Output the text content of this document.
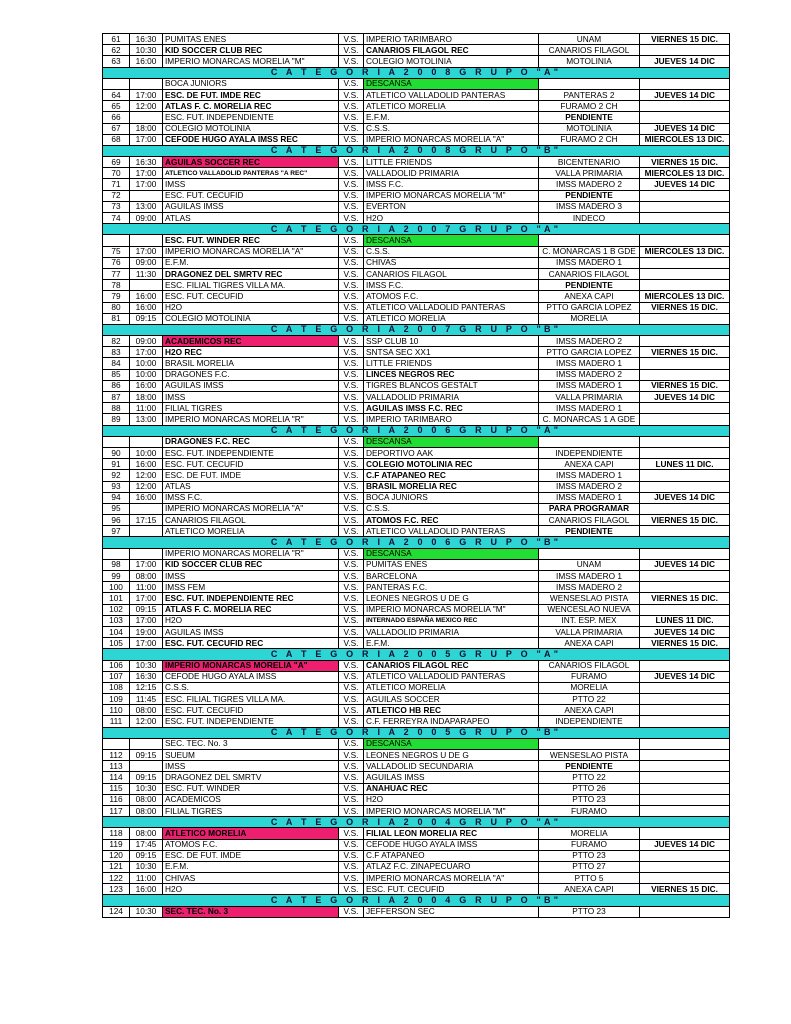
61	16:30	PUMITAS ENES	V.S.	IMPERIO TARIMBARO	UNAM	VIERNES 15 DIC.
62	10:30	KID SOCCER CLUB REC	V.S.	CANARIOS FILAGOL REC	CANARIOS FILAGOL	
63	16:00	IMPERIO MONARCAS MORELIA "M"	V.S.	COLEGIO MOTOLINIA	MOTOLINIA	JUEVES 14 DIC
C A T E G O R I A 2 0 0 8 G R U P O "A"						
		BOCA JUNIORS	V.S.	DESCANSA		
64	17:00	ESC. DE FUT. IMDE REC	V.S.	ATLETICO VALLADOLID PANTERAS	PANTERAS 2	JUEVES 14 DIC
65	12:00	ATLAS F. C. MORELIA REC	V.S.	ATLETICO MORELIA	FURAMO 2 CH	
66		ESC. FUT. INDEPENDIENTE	V.S.	E.F.M.	PENDIENTE	
67	18:00	COLEGIO MOTOLINIA	V.S.	C.S.S.	MOTOLINIA	JUEVES 14 DIC
68	17:00	CEFODE HUGO AYALA IMSS REC	V.S.	IMPERIO MONARCAS MORELIA "A"	FURAMO 2 CH	MIERCOLES 13 DIC.
C A T E G O R I A 2 0 0 8 G R U P O "B"						
69	16:30	AGUILAS SOCCER REC	V.S.	LITTLE FRIENDS	BICENTENARIO	VIERNES 15 DIC.
70	17:00	ATLETICO VALLADOLID PANTERAS "A REC"	V.S.	VALLADOLID PRIMARIA	VALLA PRIMARIA	MIERCOLES 13 DIC.
71	17:00	IMSS	V.S.	IMSS F.C.	IMSS MADERO 2	JUEVES 14 DIC
72		ESC. FUT. CECUFID	V.S.	IMPERIO MONARCAS MORELIA "M"	PENDIENTE	
73	13:00	AGUILAS IMSS	V.S.	EVERTON	IMSS MADERO 3	
74	09:00	ATLAS	V.S.	H2O	INDECO	
C A T E G O R I A 2 0 0 7 G R U P O "A"						
		ESC. FUT. WINDER REC	V.S.	DESCANSA		
75	17:00	IMPERIO MONARCAS MORELIA "A"	V.S.	C.S.S.	C. MONARCAS 1 B GDE	MIERCOLES 13 DIC.
76	09:00	E.F.M.	V.S.	CHIVAS	IMSS MADERO 1	
77	11:30	DRAGONEZ DEL SMRTV REC	V.S.	CANARIOS FILAGOL	CANARIOS FILAGOL	
78		ESC. FILIAL TIGRES VILLA MA.	V.S.	IMSS F.C.	PENDIENTE	
79	16:00	ESC. FUT. CECUFID	V.S.	ATOMOS F.C.	ANEXA CAPI	MIERCOLES 13 DIC.
80	16:00	H2O	V.S.	ATLETICO VALLADOLID PANTERAS	PTTO GARCIA LOPEZ	VIERNES 15 DIC.
81	09:15	COLEGIO MOTOLINIA	V.S.	ATLETICO MORELIA	MORELIA	
C A T E G O R I A 2 0 0 7 G R U P O "B"						
82	09:00	ACADEMICOS REC	V.S.	SSP CLUB 10	IMSS MADERO 2	
83	17:00	H2O REC	V.S.	SNTSA SEC XX1	PTTO GARCIA LOPEZ	VIERNES 15 DIC.
84	10:00	BRASIL MORELIA	V.S.	LITTLE FRIENDS	IMSS MADERO 1	
85	10:00	DRAGONES F.C.	V.S.	LINCES NEGROS REC	IMSS MADERO 2	
86	16:00	AGUILAS IMSS	V.S.	TIGRES BLANCOS GESTALT	IMSS MADERO 1	VIERNES 15 DIC.
87	18:00	IMSS	V.S.	VALLADOLID PRIMARIA	VALLA PRIMARIA	JUEVES 14 DIC
88	11:00	FILIAL TIGRES	V.S.	AGUILAS IMSS F.C. REC	IMSS MADERO 1	
89	13:00	IMPERIO MONARCAS MORELIA "R"	V.S.	IMPERIO TARIMBARO	C. MONARCAS 1 A GDE	
C A T E G O R I A 2 0 0 6 G R U P O "A"						
		DRAGONES F.C. REC	V.S.	DESCANSA		
90	10:00	ESC. FUT. INDEPENDIENTE	V.S.	DEPORTIVO AAK	INDEPENDIENTE	
91	16:00	ESC. FUT. CECUFID	V.S.	COLEGIO MOTOLINIA REC	ANEXA CAPI	LUNES 11 DIC.
92	12:00	ESC. DE FUT. IMDE	V.S.	C.F ATAPANEO REC	IMSS MADERO 1	
93	12:00	ATLAS	V.S.	BRASIL MORELIA REC	IMSS MADERO 2	
94	16:00	IMSS F.C.	V.S.	BOCA JUNIORS	IMSS MADERO 1	JUEVES 14 DIC
95		IMPERIO MONARCAS MORELIA "A"	V.S.	C.S.S.	PARA PROGRAMAR	
96	17:15	CANARIOS FILAGOL	V.S.	ATOMOS F.C. REC	CANARIOS FILAGOL	VIERNES 15 DIC.
97		ATLETICO MORELIA	V.S.	ATLETICO VALLADOLID PANTERAS	PENDIENTE	
C A T E G O R I A 2 0 0 6 G R U P O "B"						
		IMPERIO MONARCAS MORELIA "R"	V.S.	DESCANSA		
98	17:00	KID SOCCER CLUB REC	V.S.	PUMITAS ENES	UNAM	JUEVES 14 DIC
99	08:00	IMSS	V.S.	BARCELONA	IMSS MADERO 1	
100	11:00	IMSS FEM	V.S.	PANTERAS F.C.	IMSS MADERO 2	
101	17:00	ESC. FUT. INDEPENDIENTE REC	V.S.	LEONES NEGROS U DE G	WENSESLAO PISTA	VIERNES 15 DIC.
102	09:15	ATLAS F. C. MORELIA REC	V.S.	IMPERIO MONARCAS MORELIA "M"	WENCESLAO NUEVA	
103	17:00	H2O	V.S.	INTERNADO ESPAÑA MEXICO REC	INT. ESP. MEX	LUNES 11 DIC.
104	19:00	AGUILAS IMSS	V.S.	VALLADOLID PRIMARIA	VALLA PRIMARIA	JUEVES 14 DIC
105	17:00	ESC. FUT. CECUFID REC	V.S.	E.F.M.	ANEXA CAPI	VIERNES 15 DIC.
C A T E G O R I A 2 0 0 5 G R U P O "A"						
106	10:30	IMPERIO MONARCAS MORELIA "A"	V.S.	CANARIOS FILAGOL REC	CANARIOS FILAGOL	
107	16:30	CEFODE HUGO AYALA IMSS	V.S.	ATLETICO VALLADOLID PANTERAS	FURAMO	JUEVES 14 DIC
108	12:15	C.S.S.	V.S.	ATLETICO MORELIA	MORELIA	
109	11:45	ESC. FILIAL TIGRES VILLA MA.	V.S.	AGUILAS SOCCER	PTTO 22	
110	08:00	ESC. FUT. CECUFID	V.S.	ATLETICO HB REC	ANEXA CAPI	
111	12:00	ESC. FUT. INDEPENDIENTE	V.S.	C.F. FERREYRA INDAPARAPEO	INDEPENDIENTE	
C A T E G O R I A 2 0 0 5 G R U P O "B"						
		SEC. TEC. No. 3	V.S.	DESCANSA		
112	09:15	SUEUM	V.S.	LEONES NEGROS U DE G	WENSESLAO PISTA	
113		IMSS	V.S.	VALLADOLID SECUNDARIA	PENDIENTE	
114	09:15	DRAGONEZ DEL SMRTV	V.S.	AGUILAS IMSS	PTTO 22	
115	10:30	ESC. FUT. WINDER	V.S.	ANAHUAC REC	PTTO 26	
116	08:00	ACADEMICOS	V.S.	H2O	PTTO 23	
117	08:00	FILIAL TIGRES	V.S.	IMPERIO MONARCAS MORELIA "M"	FURAMO	
C A T E G O R I A 2 0 0 4 G R U P O "A"						
118	08:00	ATLETICO MORELIA	V.S.	FILIAL LEON MORELIA REC	MORELIA	
119	17:45	ATOMOS F.C.	V.S.	CEFODE HUGO AYALA IMSS	FURAMO	JUEVES 14 DIC
120	09:15	ESC. DE FUT. IMDE	V.S.	C.F ATAPANEO	PTTO 23	
121	10:30	E.F.M.	V.S.	ATLAZ F.C. ZINAPECUARO	PTTO 27	
122	11:00	CHIVAS	V.S.	IMPERIO MONARCAS MORELIA "A"	PTTO 5	
123	16:00	H2O	V.S.	ESC. FUT. CECUFID	ANEXA CAPI	VIERNES 15 DIC.
C A T E G O R I A 2 0 0 4 G R U P O "B"						
124	10:30	SEC. TEC. No. 3	V.S.	JEFFERSON SEC	PTTO 23	
